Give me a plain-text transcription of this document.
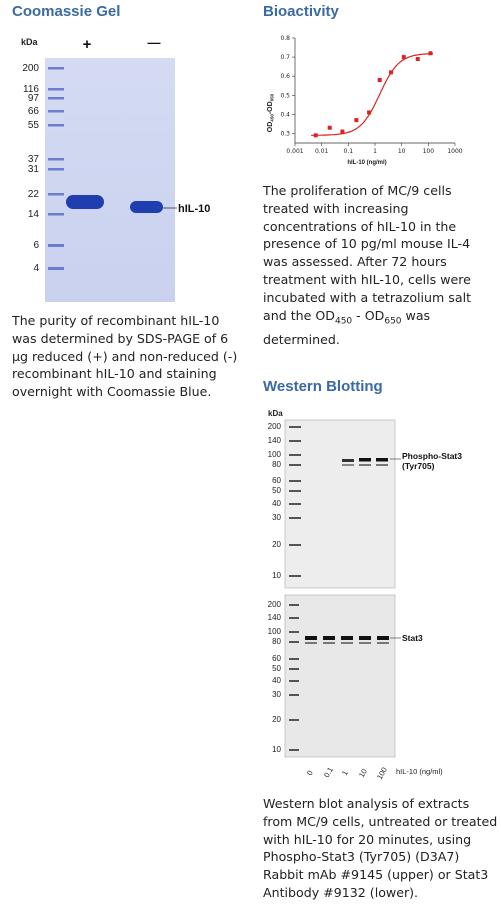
Coomassie Gel
kDa	+	—
200
116
97
66
55
37
31
22
14
6
4
hIL-10
The purity of recombinant hIL-10 was determined by SDS-PAGE of 6 µg reduced (+) and non-reduced (-) recombinant hIL-10 and staining overnight with Coomassie Blue.
Bioactivity
0.001 0.01	0.1	1	10	100 1000
0.3
0.4
0.5
0.6
0.7
0.8
hIL-10 (ng/ml)
$OD_{450}-OD_{650}$
The proliferation of MC/9 cells treated with increasing concentrations of hIL-10 in the presence of 10 pg/ml mouse IL-4 was assessed. After 72 hours treatment with hIL-10, cells were incubated with a tetrazolium salt and the $OD_{450} - OD_{650}$ was determined.
Western Blotting
kDa
200
140
100
80
60
50
40
30
20
10
Phospho-Stat3
(Tyr705)
200
140
100
80
60
50
40
30
20
10
Stat3
0 0.1 1 10 100 hIL-10 (ng/ml)
Western blot analysis of extracts from MC/9 cells, untreated or treated with hIL-10 for 20 minutes, using Phospho-Stat3 (Tyr705) (D3A7) Rabbit mAb #9145 (upper) or Stat3 Antibody #9132 (lower).
